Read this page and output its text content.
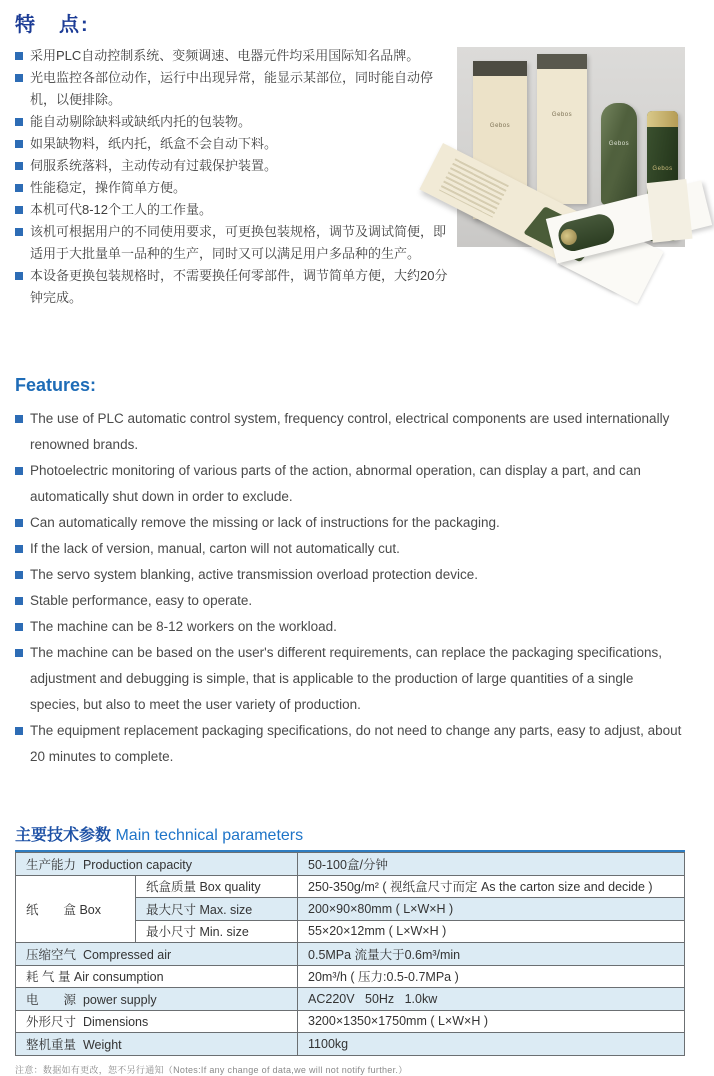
特　点:
采用PLC自动控制系统、变频调速、电器元件均采用国际知名品牌。
光电监控各部位动作，运行中出现异常，能显示某部位，同时能自动停机，以便排除。
能自动剔除缺料或缺纸内托的包装物。
如果缺物料，纸内托，纸盒不会自动下料。
伺服系统落料，主动传动有过载保护装置。
性能稳定，操作简单方便。
本机可代8-12个工人的工作量。
该机可根据用户的不同使用要求，可更换包装规格，调节及调试简便，即适用于大批量单一品种的生产，同时又可以满足用户多品种的生产。
本设备更换包装规格时，不需要换任何零部件，调节简单方便，大约20分钟完成。
Gebos
Gebos
Gebos
Gebos
Features:
The use of PLC automatic control system, frequency control, electrical components are used internationally renowned brands.
Photoelectric monitoring of various parts of the action, abnormal operation, can display a part, and can automatically shut down in order to exclude.
Can automatically remove the missing or lack of instructions for the packaging.
If the lack of version, manual, carton will not automatically cut.
The servo system blanking, active transmission overload protection device.
Stable performance, easy to operate.
The machine can be 8-12 workers on the workload.
The machine can be based on the user's different requirements, can replace the packaging specifications, adjustment and debugging is simple, that is applicable to the production of large quantities of a single species, but also to meet the user variety of production.
The equipment replacement packaging specifications, do not need to change any parts, easy to adjust, about 20 minutes to complete.
主要技术参数 Main technical parameters
生产能力  Production capacity		50-100盒/分钟
纸　　盒 Box	纸盒质量 Box quality	250-350g/m² ( 视纸盒尺寸而定 As the carton size and decide )
	最大尺寸 Max. size	200×90×80mm ( L×W×H )
	最小尺寸 Min. size	55×20×12mm ( L×W×H )
压缩空气  Compressed air		0.5MPa 流量大于0.6m³/min
耗 气 量 Air consumption		20m³/h ( 压力:0.5-0.7MPa )
电　　源  power supply		AC220V   50Hz   1.0kw
外形尺寸  Dimensions		3200×1350×1750mm ( L×W×H )
整机重量  Weight		1100kg
注意：数据如有更改，恕不另行通知（Notes:If any change of data,we will not notify further.）
